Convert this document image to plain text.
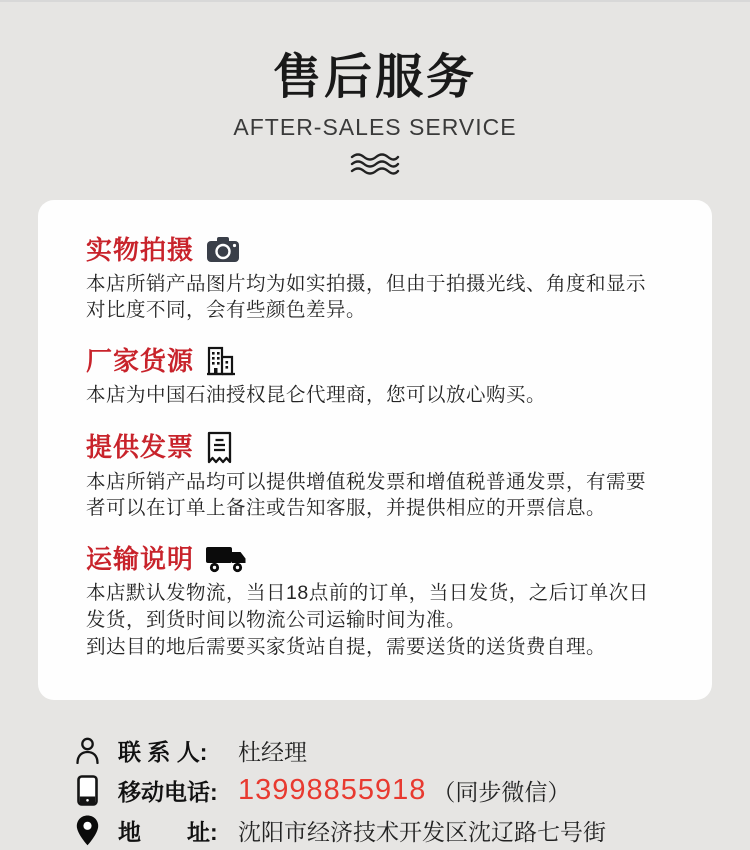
售后服务
AFTER-SALES SERVICE
实物拍摄

本店所销产品图片均为如实拍摄，但由于拍摄光线、角度和显示对比度不同，会有些颜色差异。

厂家货源

本店为中国石油授权昆仑代理商，您可以放心购买。

提供发票

本店所销产品均可以提供增值税发票和增值税普通发票，有需要者可以在订单上备注或告知客服，并提供相应的开票信息。

运输说明

本店默认发物流，当日18点前的订单，当日发货，之后订单次日发货，到货时间以物流公司运输时间为准。

到达目的地后需要买家货站自提，需要送货的送货费自理。

联 系 人:	杜经理
移动电话: 13998855918 （同步微信）
地　　址: 沈阳市经济技术开发区沈辽路七号街
